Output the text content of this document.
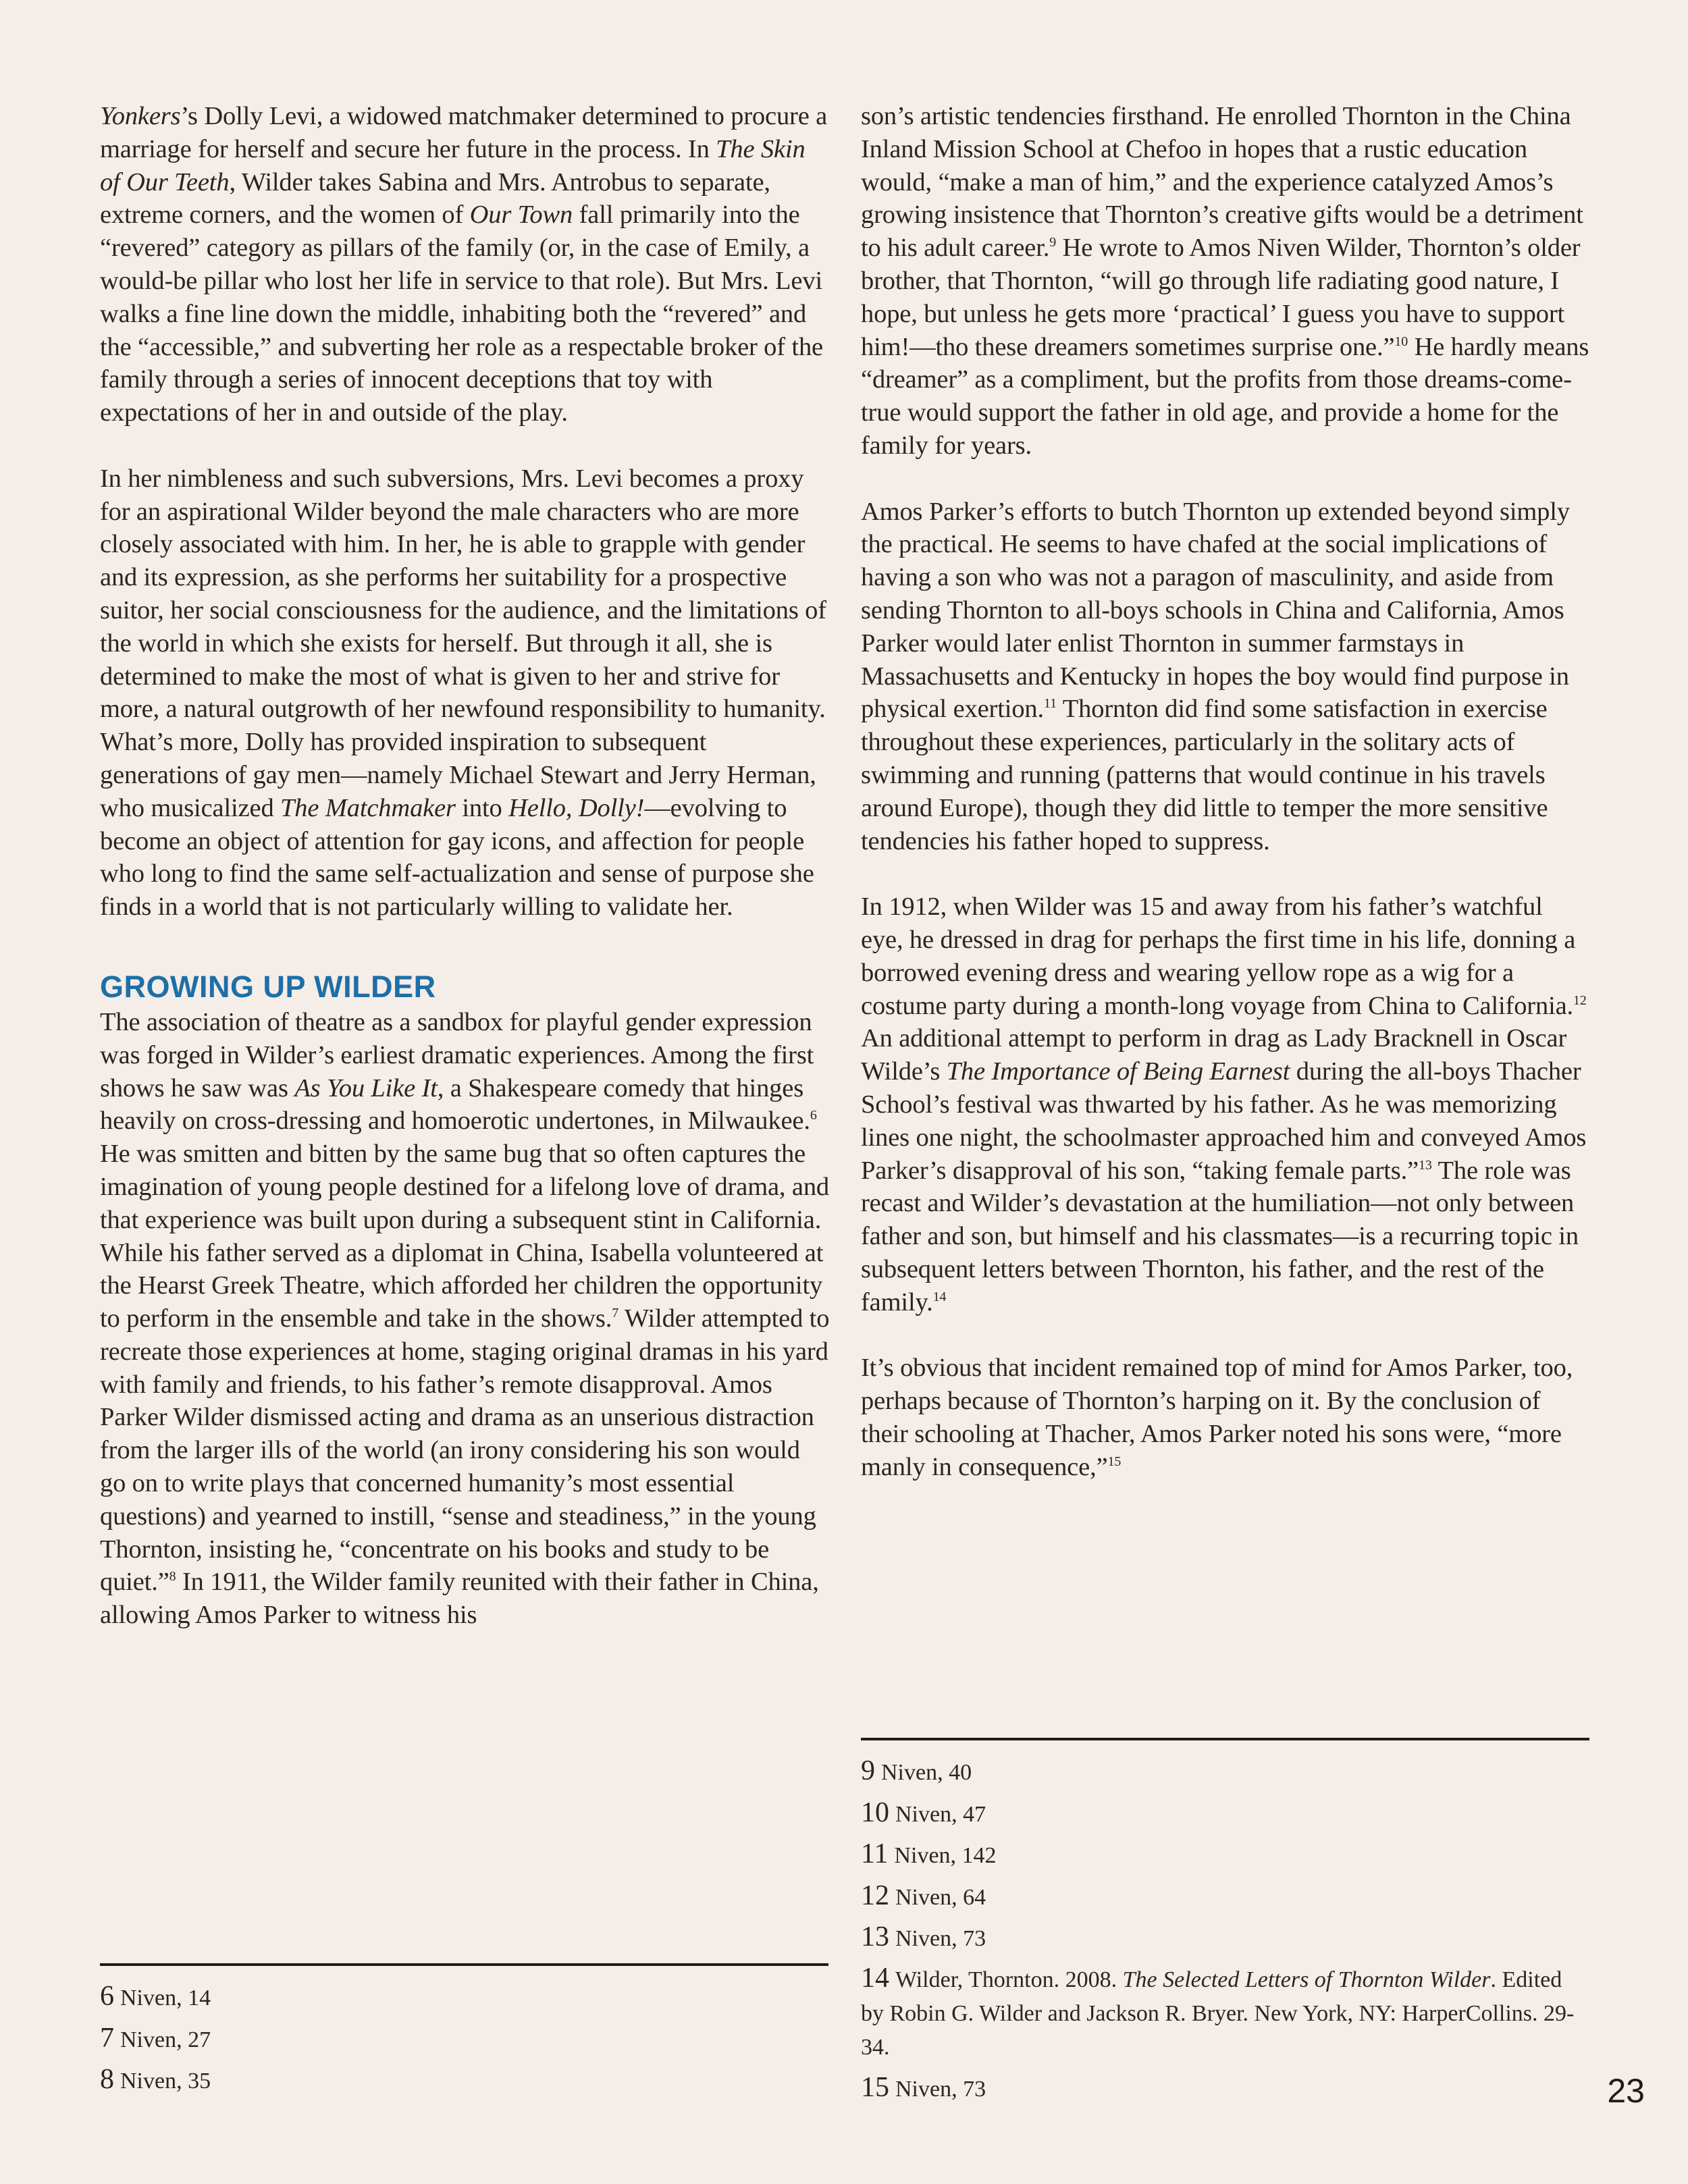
Yonkers’s Dolly Levi, a widowed matchmaker determined to procure a marriage for herself and secure her future in the process. In The Skin of Our Teeth, Wilder takes Sabina and Mrs. Antrobus to separate, extreme corners, and the women of Our Town fall primarily into the “revered” category as pillars of the family (or, in the case of Emily, a would-be pillar who lost her life in service to that role). But Mrs. Levi walks a fine line down the middle, inhabiting both the “revered” and the “accessible,” and subverting her role as a respectable broker of the family through a series of innocent deceptions that toy with expectations of her in and outside of the play.

In her nimbleness and such subversions, Mrs. Levi becomes a proxy for an aspirational Wilder beyond the male characters who are more closely associated with him. In her, he is able to grapple with gender and its expression, as she performs her suitability for a prospective suitor, her social consciousness for the audience, and the limitations of the world in which she exists for herself. But through it all, she is determined to make the most of what is given to her and strive for more, a natural outgrowth of her newfound responsibility to humanity. What’s more, Dolly has provided inspiration to subsequent generations of gay men—namely Michael Stewart and Jerry Herman, who musicalized The Matchmaker into Hello, Dolly!—evolving to become an object of attention for gay icons, and affection for people who long to find the same self-actualization and sense of purpose she finds in a world that is not particularly willing to validate her.

GROWING UP WILDER

The association of theatre as a sandbox for playful gender expression was forged in Wilder’s earliest dramatic experiences. Among the first shows he saw was As You Like It, a Shakespeare comedy that hinges heavily on cross-dressing and homoerotic undertones, in Milwaukee.$^6$ He was smitten and bitten by the same bug that so often captures the imagination of young people destined for a lifelong love of drama, and that experience was built upon during a subsequent stint in California. While his father served as a diplomat in China, Isabella volunteered at the Hearst Greek Theatre, which afforded her children the opportunity to perform in the ensemble and take in the shows.$^7$ Wilder attempted to recreate those experiences at home, staging original dramas in his yard with family and friends, to his father’s remote disapproval. Amos Parker Wilder dismissed acting and drama as an unserious distraction from the larger ills of the world (an irony considering his son would go on to write plays that concerned humanity’s most essential questions) and yearned to instill, “sense and steadiness,” in the young Thornton, insisting he, “concentrate on his books and study to be quiet.”$^8$ In 1911, the Wilder family reunited with their father in China, allowing Amos Parker to witness his

6 Niven, 14
7 Niven, 27
8 Niven, 35

son’s artistic tendencies firsthand. He enrolled Thornton in the China Inland Mission School at Chefoo in hopes that a rustic education would, “make a man of him,” and the experience catalyzed Amos’s growing insistence that Thornton’s creative gifts would be a detriment to his adult career.$^9$ He wrote to Amos Niven Wilder, Thornton’s older brother, that Thornton, “will go through life radiating good nature, I hope, but unless he gets more ‘practical’ I guess you have to support him!—tho these dreamers sometimes surprise one.”$^{10}$ He hardly means “dreamer” as a compliment, but the profits from those dreams-come-true would support the father in old age, and provide a home for the family for years.

Amos Parker’s efforts to butch Thornton up extended beyond simply the practical. He seems to have chafed at the social implications of having a son who was not a paragon of masculinity, and aside from sending Thornton to all-boys schools in China and California, Amos Parker would later enlist Thornton in summer farmstays in Massachusetts and Kentucky in hopes the boy would find purpose in physical exertion.$^{11}$ Thornton did find some satisfaction in exercise throughout these experiences, particularly in the solitary acts of swimming and running (patterns that would continue in his travels around Europe), though they did little to temper the more sensitive tendencies his father hoped to suppress.

In 1912, when Wilder was 15 and away from his father’s watchful eye, he dressed in drag for perhaps the first time in his life, donning a borrowed evening dress and wearing yellow rope as a wig for a costume party during a month-long voyage from China to California.$^{12}$ An additional attempt to perform in drag as Lady Bracknell in Oscar Wilde’s The Importance of Being Earnest during the all-boys Thacher School’s festival was thwarted by his father. As he was memorizing lines one night, the schoolmaster approached him and conveyed Amos Parker’s disapproval of his son, “taking female parts.”$^{13}$ The role was recast and Wilder’s devastation at the humiliation—not only between father and son, but himself and his classmates—is a recurring topic in subsequent letters between Thornton, his father, and the rest of the family.$^{14}$

It’s obvious that incident remained top of mind for Amos Parker, too, perhaps because of Thornton’s harping on it. By the conclusion of their schooling at Thacher, Amos Parker noted his sons were, “more manly in consequence,”$^{15}$

9 Niven, 40
10 Niven, 47
11 Niven, 142
12 Niven, 64
13 Niven, 73
14 Wilder, Thornton. 2008. The Selected Letters of Thornton Wilder. Edited by Robin G. Wilder and Jackson R. Bryer. New York, NY: HarperCollins. 29-34.
15 Niven, 73	23
